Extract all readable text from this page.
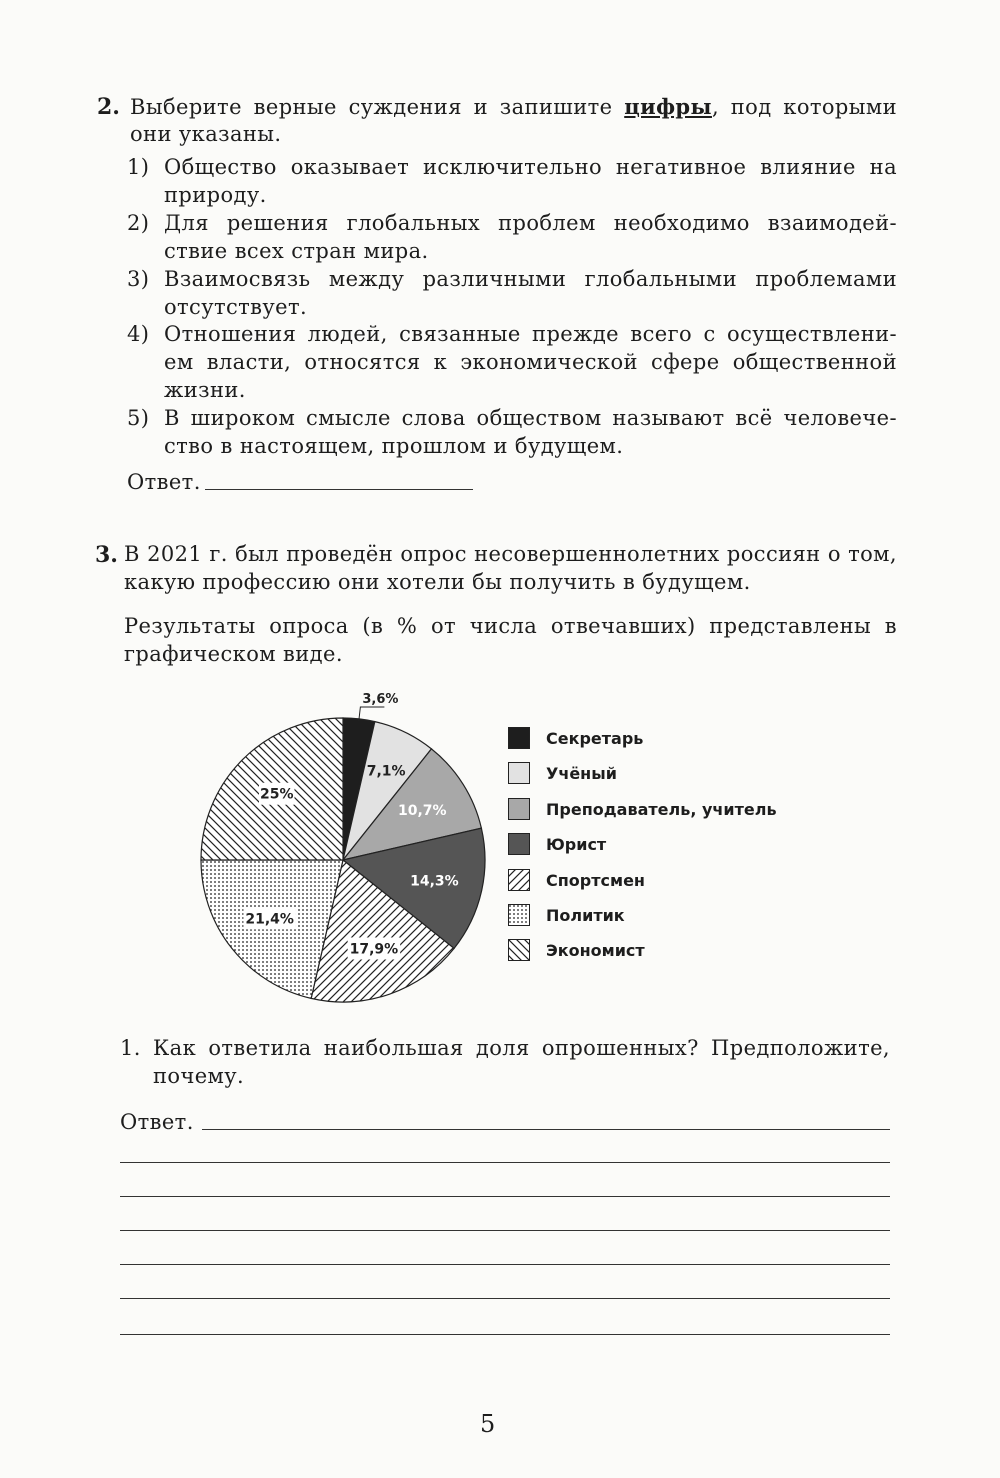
2. Выберите верные суждения и запишите цифры, под которыми
они указаны.
1) Общество оказывает исключительно негативное влияние на
природу.
2) Для решения глобальных проблем необходимо взаимодей-
ствие всех стран мира.
3) Взаимосвязь между различными глобальными проблемами
отсутствует.
4) Отношения людей, связанные прежде всего с осуществлени-
ем власти, относятся к экономической сфере общественной
жизни.
5) В широком смысле слова обществом называют всё человече-
ство в настоящем, прошлом и будущем.
Ответ.
3. В 2021 г. был проведён опрос несовершеннолетних россиян о том,
какую профессию они хотели бы получить в будущем.
Результаты опроса (в % от числа отвечавших) представлены в
графическом виде.
3,6%
7,1%
10,7%
14,3%
17,9%
21,4%
25%
Секретарь
Учёный
Преподаватель, учитель
Юрист
Спортсмен
Политик
Экономист
1. Как ответила наибольшая доля опрошенных? Предположите,
почему.
Ответ.
5
